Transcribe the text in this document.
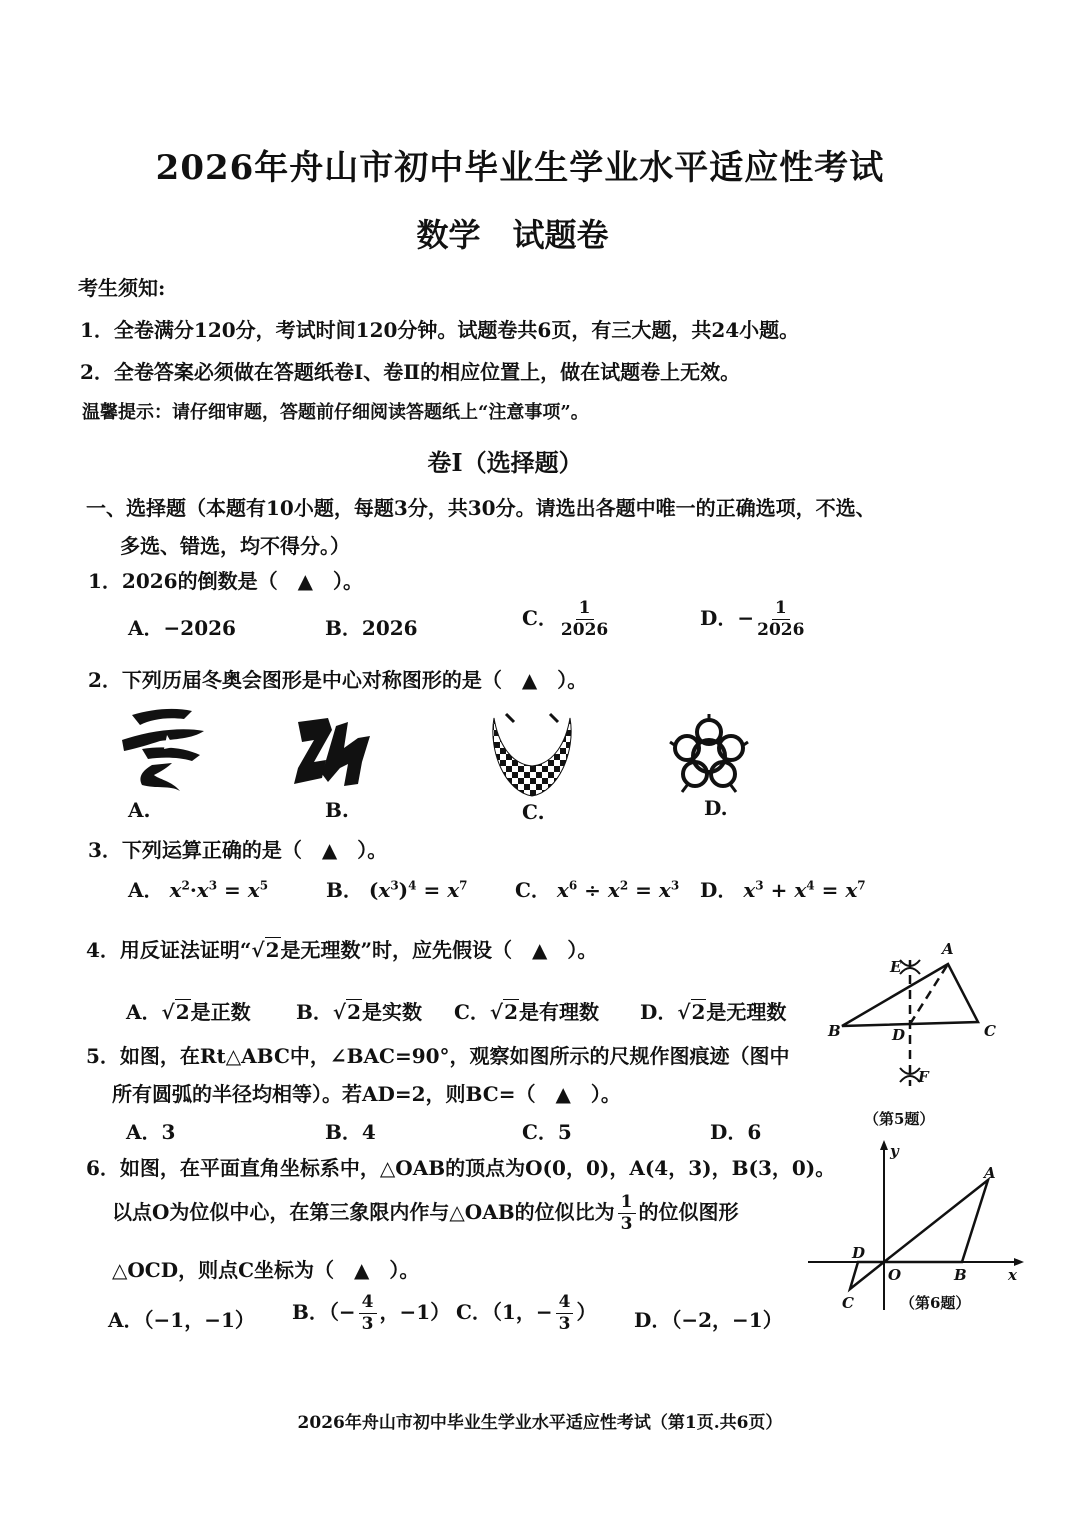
2026年舟山市初中毕业生学业水平适应性考试
数学　试题卷
考生须知:
1．全卷满分120分，考试时间120分钟。试题卷共6页，有三大题，共24小题。
2．全卷答案必须做在答题纸卷Ⅰ、卷Ⅱ的相应位置上，做在试题卷上无效。
温馨提示：请仔细审题，答题前仔细阅读答题纸上“注意事项”。
卷Ⅰ（选择题）
一、选择题（本题有10小题，每题3分，共30分。请选出各题中唯一的正确选项，不选、
多选、错选，均不得分。）
1．2026的倒数是（　▲　）。
A．−2026	B．2026	C． $\frac{1}{2026}$	D．− $\frac{1}{2026}$
2．下列历届冬奥会图形是中心对称图形的是（　▲　）。
A.	B.	C.	D.
3．下列运算正确的是（　▲　）。
A． $x^2\cdot x^3 = x^5$	B． $(x^3)^4 = x^7$ C． $x^6 \div x^2 = x^3$ D． $x^3 + x^4 = x^7$
4．用反证法证明“√2是无理数”时，应先假设（　▲　）。
A．√2是正数 B．√2是实数 C．√2是有理数 D．√2是无理数
A
B	C
D
E
F
（第5题）
5．如图，在Rt△ABC中，∠BAC=90°，观察如图所示的尺规作图痕迹（图中
所有圆弧的半径均相等）。若AD=2，则BC=（　▲　）。
A．3	B．4	C．5	D．6
y
x
O
A
B
C
D
（第6题）
6．如图，在平面直角坐标系中，△OAB的顶点为O(0，0)，A(4，3)，B(3，0)。
以点O为位似中心，在第三象限内作与△OAB的位似比为 $\frac{1}{3}$ 的位似图形
△OCD，则点C坐标为（　▲　）。
A．（−1，−1） B．（− $\frac{4}{3}$ ，−1） C．（1，− $\frac{4}{3}$ ） D．（−2，−1）
2026年舟山市初中毕业生学业水平适应性考试（第1页.共6页）
